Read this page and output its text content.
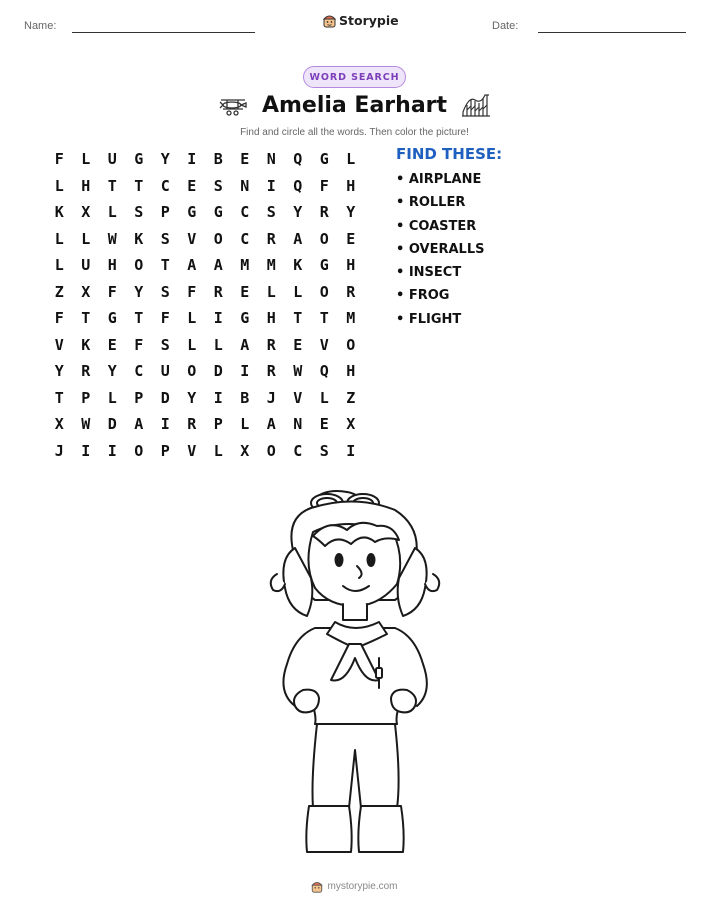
Name:	Storypie	Date:
WORD SEARCH
Amelia Earhart
Find and circle all the words. Then color the picture!
F	L	U	G	Y	I	B	E	N	Q	G	L
L	H	T	T	C	E	S	N	I	Q	F	H
K	X	L	S	P	G	G	C	S	Y	R	Y
L	L	W	K	S	V	O	C	R	A	O	E
L	U	H	O	T	A	A	M	M	K	G	H
Z	X	F	Y	S	F	R	E	L	L	O	R
F	T	G	T	F	L	I	G	H	T	T	M
V	K	E	F	S	L	L	A	R	E	V	O
Y	R	Y	C	U	O	D	I	R	W	Q	H
T	P	L	P	D	Y	I	B	J	V	L	Z
X	W	D	A	I	R	P	L	A	N	E	X
J	I	I	O	P	V	L	X	O	C	S	I
FIND THESE:
• AIRPLANE
• ROLLER
• COASTER
• OVERALLS
• INSECT
• FROG
• FLIGHT
mystorypie.com
